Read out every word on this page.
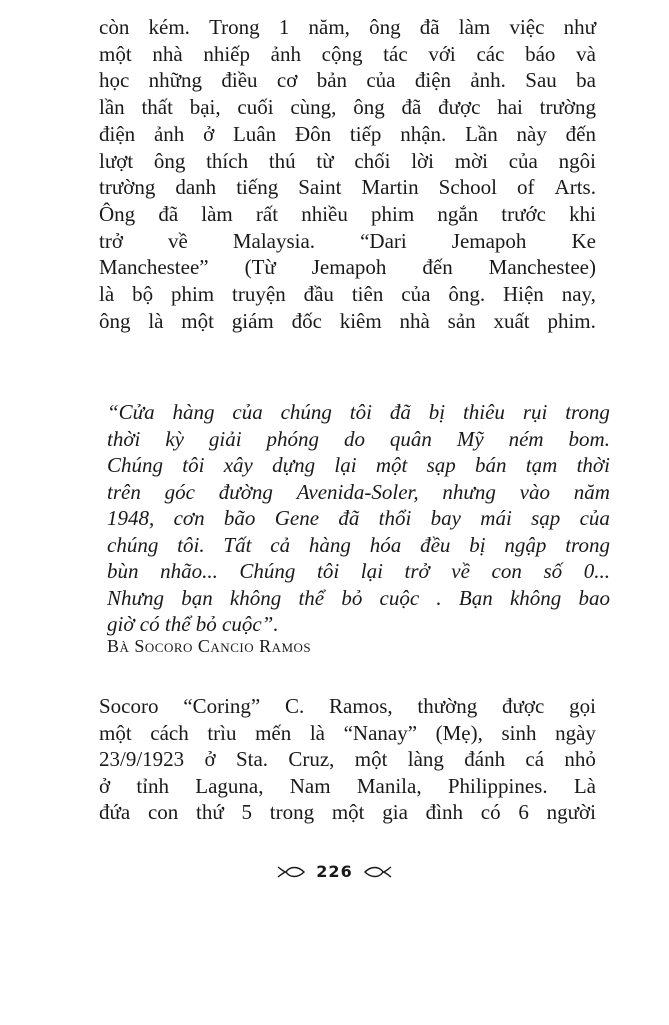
còn kém. Trong 1 năm, ông đã làm việc như
một nhà nhiếp ảnh cộng tác với các báo và
học những điều cơ bản của điện ảnh. Sau ba
lần thất bại, cuối cùng, ông đã được hai trường
điện ảnh ở Luân Đôn tiếp nhận. Lần này đến
lượt ông thích thú từ chối lời mời của ngôi
trường danh tiếng Saint Martin School of Arts.
Ông đã làm rất nhiều phim ngắn trước khi
trở về Malaysia. “Dari Jemapoh Ke
Manchestee” (Từ Jemapoh đến Manchestee)
là bộ phim truyện đầu tiên của ông. Hiện nay,
ông là một giám đốc kiêm nhà sản xuất phim.
“Cửa hàng của chúng tôi đã bị thiêu rụi trong
thời kỳ giải phóng do quân Mỹ ném bom.
Chúng tôi xây dựng lại một sạp bán tạm thời
trên góc đường Avenida-Soler, nhưng vào năm
1948, cơn bão Gene đã thổi bay mái sạp của
chúng tôi. Tất cả hàng hóa đều bị ngập trong
bùn nhão... Chúng tôi lại trở về con số 0...
Nhưng bạn không thể bỏ cuộc . Bạn không bao
giờ có thể bỏ cuộc”.
Bà Socoro Cancio Ramos
Socoro “Coring” C. Ramos, thường được gọi
một cách trìu mến là “Nanay” (Mẹ), sinh ngày
23/9/1923 ở Sta. Cruz, một làng đánh cá nhỏ
ở tỉnh Laguna, Nam Manila, Philippines. Là
đứa con thứ 5 trong một gia đình có 6 người
226
